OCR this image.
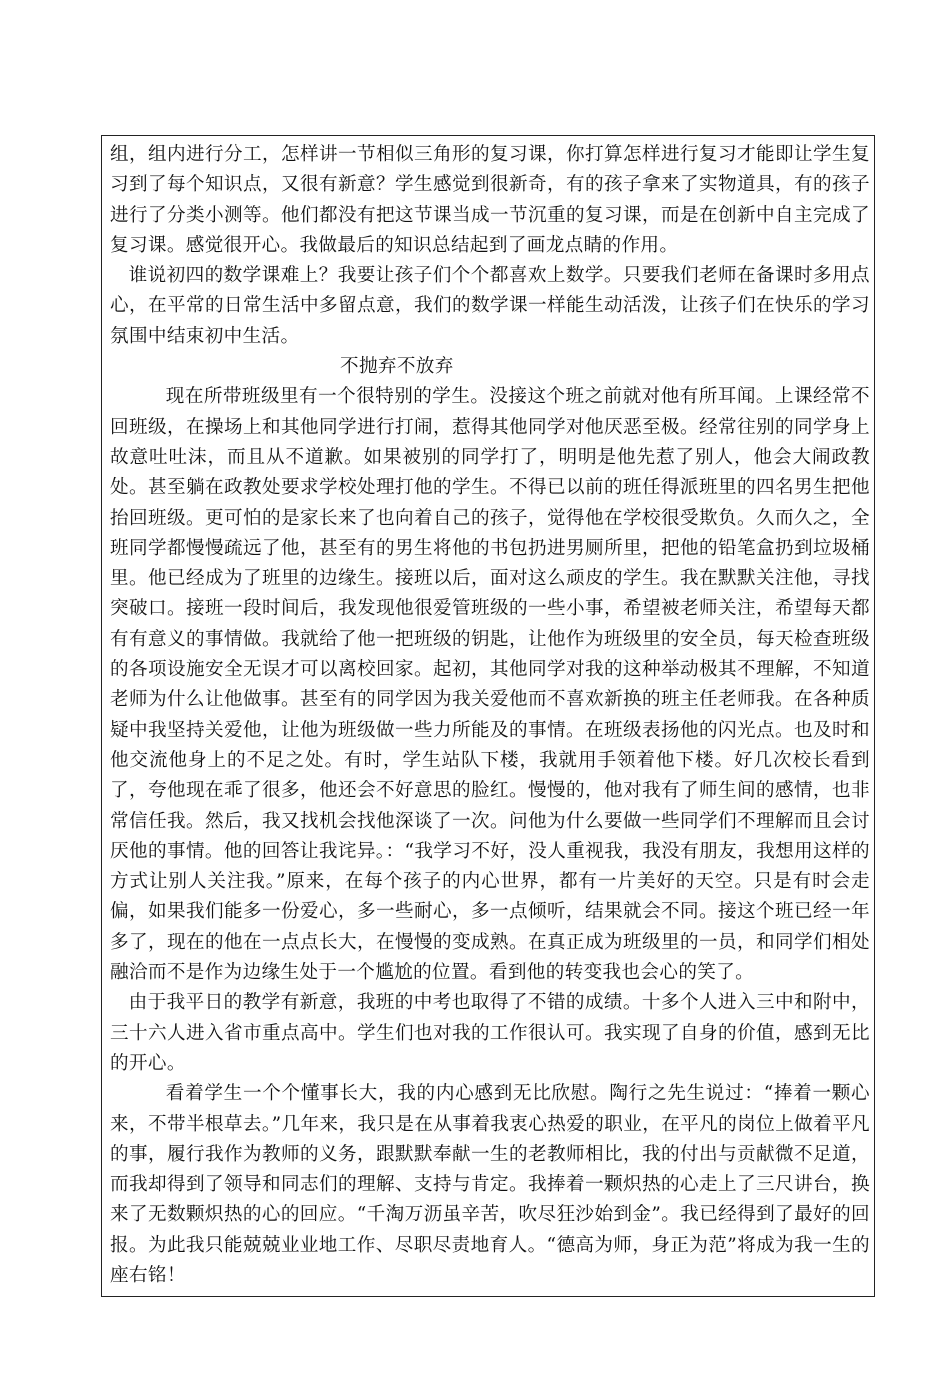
组，组内进行分工，怎样讲一节相似三角形的复习课，你打算怎样进行复习才能即让学生复习到了每个知识点，又很有新意？学生感觉到很新奇，有的孩子拿来了实物道具，有的孩子进行了分类小测等。他们都没有把这节课当成一节沉重的复习课，而是在创新中自主完成了复习课。感觉很开心。我做最后的知识总结起到了画龙点睛的作用。

谁说初四的数学课难上？我要让孩子们个个都喜欢上数学。只要我们老师在备课时多用点心，在平常的日常生活中多留点意，我们的数学课一样能生动活泼，让孩子们在快乐的学习氛围中结束初中生活。

不抛弃不放弃

现在所带班级里有一个很特别的学生。没接这个班之前就对他有所耳闻。上课经常不回班级，在操场上和其他同学进行打闹，惹得其他同学对他厌恶至极。经常往别的同学身上故意吐吐沫，而且从不道歉。如果被别的同学打了，明明是他先惹了别人，他会大闹政教处。甚至躺在政教处要求学校处理打他的学生。不得已以前的班任得派班里的四名男生把他抬回班级。更可怕的是家长来了也向着自己的孩子，觉得他在学校很受欺负。久而久之，全班同学都慢慢疏远了他，甚至有的男生将他的书包扔进男厕所里，把他的铅笔盒扔到垃圾桶里。他已经成为了班里的边缘生。接班以后，面对这么顽皮的学生。我在默默关注他，寻找突破口。接班一段时间后，我发现他很爱管班级的一些小事，希望被老师关注，希望每天都有有意义的事情做。我就给了他一把班级的钥匙，让他作为班级里的安全员，每天检查班级的各项设施安全无误才可以离校回家。起初，其他同学对我的这种举动极其不理解，不知道老师为什么让他做事。甚至有的同学因为我关爱他而不喜欢新换的班主任老师我。在各种质疑中我坚持关爱他，让他为班级做一些力所能及的事情。在班级表扬他的闪光点。也及时和他交流他身上的不足之处。有时，学生站队下楼，我就用手领着他下楼。好几次校长看到了，夸他现在乖了很多，他还会不好意思的脸红。慢慢的，他对我有了师生间的感情，也非常信任我。然后，我又找机会找他深谈了一次。问他为什么要做一些同学们不理解而且会讨厌他的事情。他的回答让我诧异。：“我学习不好，没人重视我，我没有朋友，我想用这样的方式让别人关注我。”原来，在每个孩子的内心世界，都有一片美好的天空。只是有时会走偏，如果我们能多一份爱心，多一些耐心，多一点倾听，结果就会不同。接这个班已经一年多了，现在的他在一点点长大，在慢慢的变成熟。在真正成为班级里的一员，和同学们相处融洽而不是作为边缘生处于一个尴尬的位置。看到他的转变我也会心的笑了。

由于我平日的教学有新意，我班的中考也取得了不错的成绩。十多个人进入三中和附中，三十六人进入省市重点高中。学生们也对我的工作很认可。我实现了自身的价值，感到无比的开心。

看着学生一个个懂事长大，我的内心感到无比欣慰。陶行之先生说过：“捧着一颗心来，不带半根草去。”几年来，我只是在从事着我衷心热爱的职业，在平凡的岗位上做着平凡的事，履行我作为教师的义务，跟默默奉献一生的老教师相比，我的付出与贡献微不足道，而我却得到了领导和同志们的理解、支持与肯定。我捧着一颗炽热的心走上了三尺讲台，换来了无数颗炽热的心的回应。“千淘万沥虽辛苦，吹尽狂沙始到金”。我已经得到了最好的回报。为此我只能兢兢业业地工作、尽职尽责地育人。“德高为师，身正为范”将成为我一生的座右铭！
